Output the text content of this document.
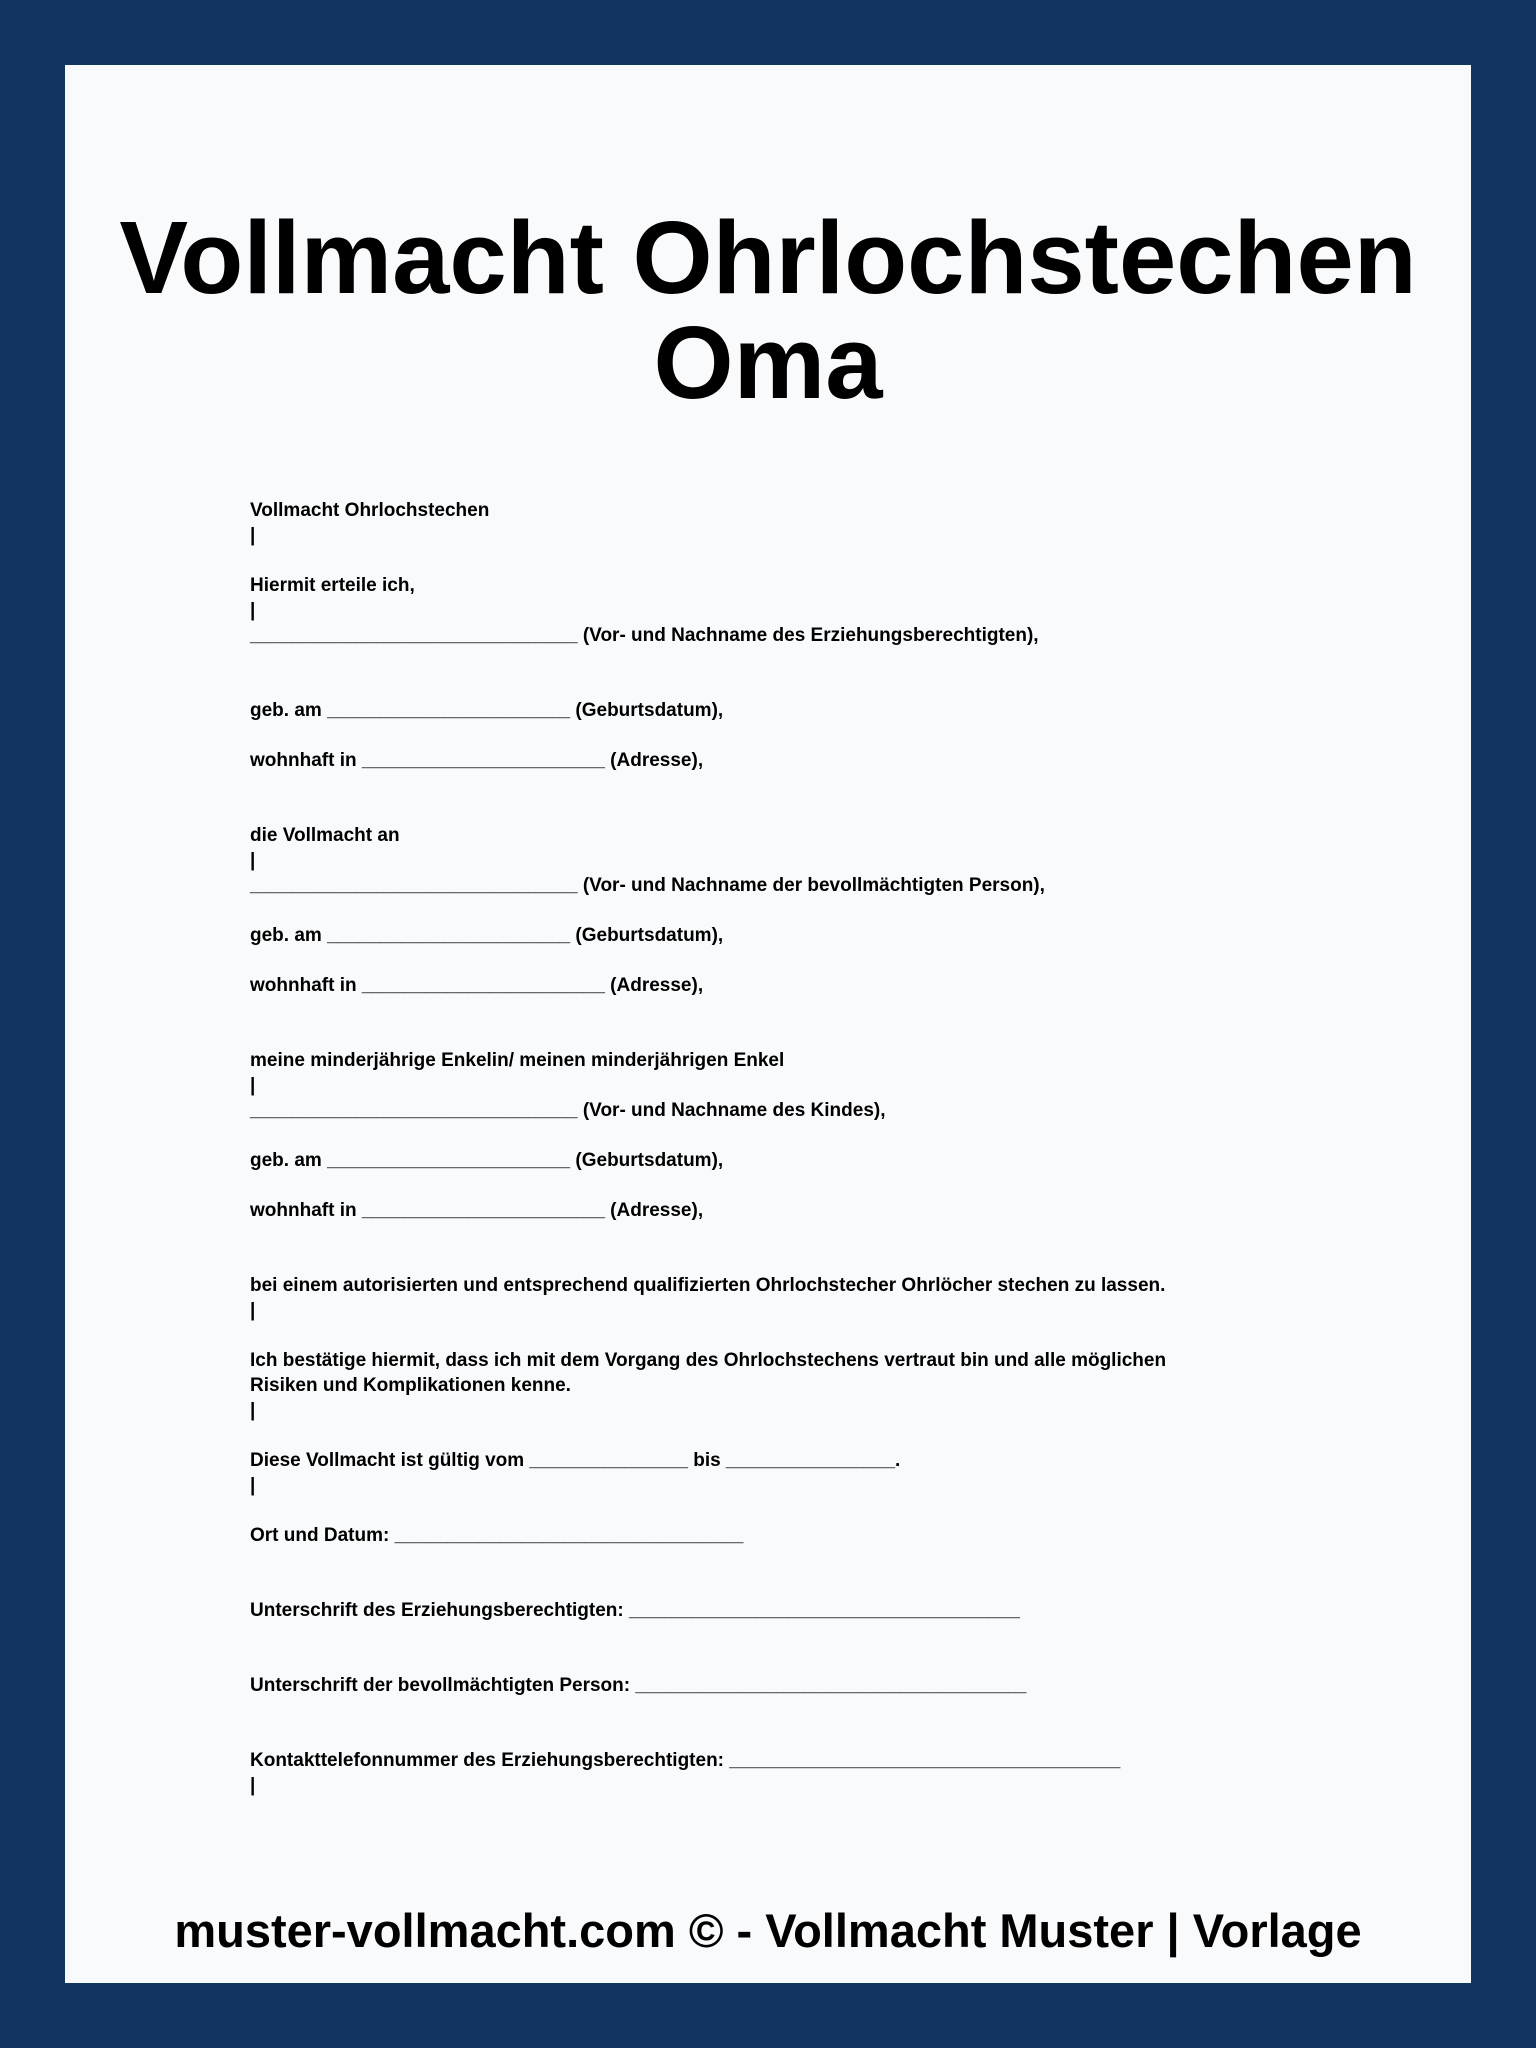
Vollmacht Ohrlochstechen
Oma
Vollmacht Ohrlochstechen
|
Hiermit erteile ich,
|
_______________________________ (Vor- und Nachname des Erziehungsberechtigten),
geb. am _______________________ (Geburtsdatum),
wohnhaft in _______________________ (Adresse),
die Vollmacht an
|
_______________________________ (Vor- und Nachname der bevollmächtigten Person),
geb. am _______________________ (Geburtsdatum),
wohnhaft in _______________________ (Adresse),
meine minderjährige Enkelin/ meinen minderjährigen Enkel
|
_______________________________ (Vor- und Nachname des Kindes),
geb. am _______________________ (Geburtsdatum),
wohnhaft in _______________________ (Adresse),
bei einem autorisierten und entsprechend qualifizierten Ohrlochstecher Ohrlöcher stechen zu lassen.
|
Ich bestätige hiermit, dass ich mit dem Vorgang des Ohrlochstechens vertraut bin und alle möglichen
Risiken und Komplikationen kenne.
|
Diese Vollmacht ist gültig vom _______________ bis ________________.
|
Ort und Datum: _________________________________
Unterschrift des Erziehungsberechtigten: _____________________________________
Unterschrift der bevollmächtigten Person: _____________________________________
Kontakttelefonnummer des Erziehungsberechtigten: _____________________________________
|
muster-vollmacht.com © - Vollmacht Muster | Vorlage
